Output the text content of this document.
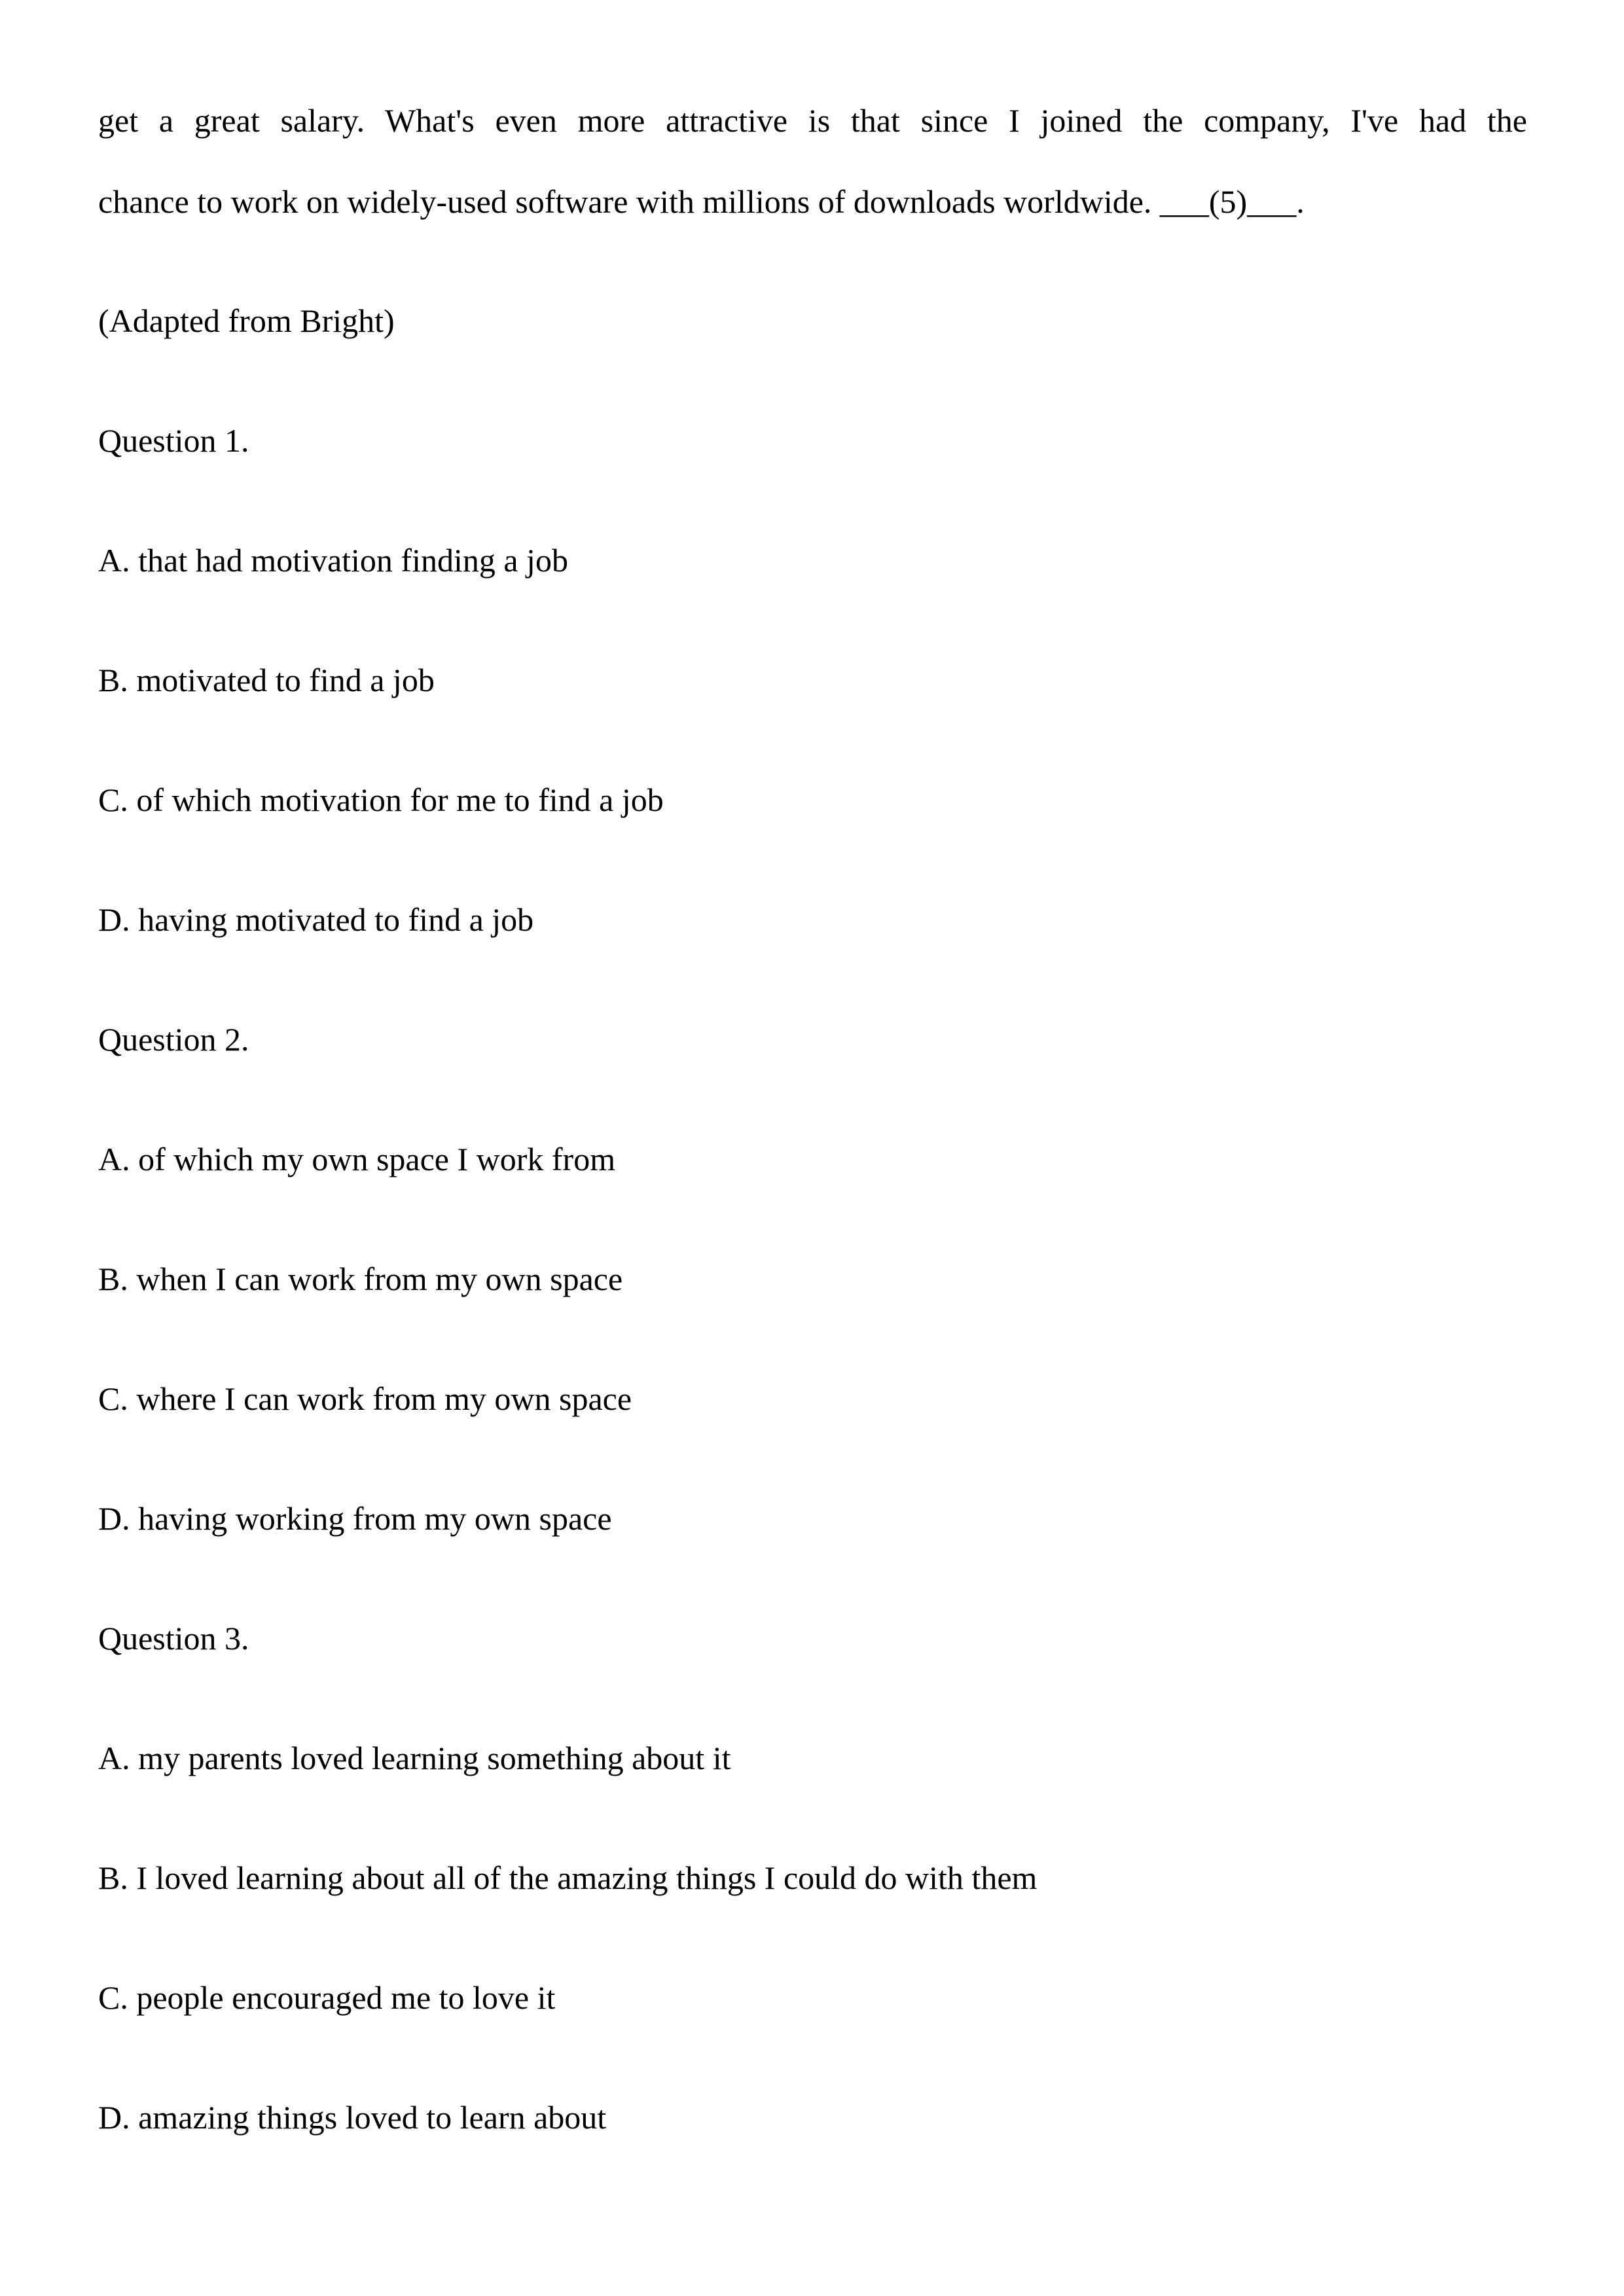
get a great salary. What's even more attractive is that since I joined the company, I've had the
chance to work on widely-used software with millions of downloads worldwide. ___(5)___.
(Adapted from Bright)
Question 1.
A. that had motivation finding a job
B. motivated to find a job
C. of which motivation for me to find a job
D. having motivated to find a job
Question 2.
A. of which my own space I work from
B. when I can work from my own space
C. where I can work from my own space
D. having working from my own space
Question 3.
A. my parents loved learning something about it
B. I loved learning about all of the amazing things I could do with them
C. people encouraged me to love it
D. amazing things loved to learn about
